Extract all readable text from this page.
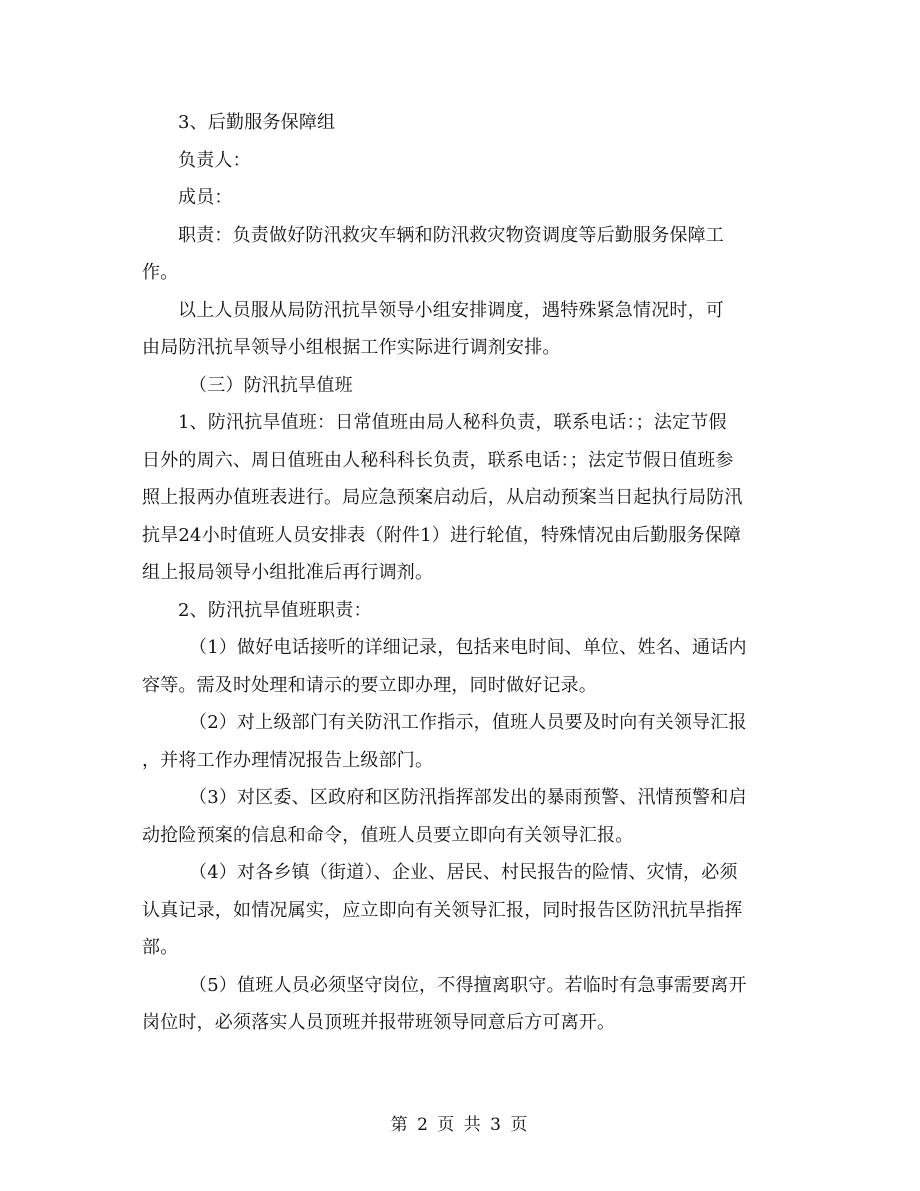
3、后勤服务保障组

负责人：

成员：

职责：负责做好防汛救灾车辆和防汛救灾物资调度等后勤服务保障工

作。

以上人员服从局防汛抗旱领导小组安排调度，遇特殊紧急情况时，可

由局防汛抗旱领导小组根据工作实际进行调剂安排。

（三）防汛抗旱值班

1、防汛抗旱值班：日常值班由局人秘科负责，联系电话：；法定节假

日外的周六、周日值班由人秘科科长负责，联系电话：；法定节假日值班参

照上报两办值班表进行。局应急预案启动后，从启动预案当日起执行局防汛

抗旱24小时值班人员安排表（附件1）进行轮值，特殊情况由后勤服务保障

组上报局领导小组批准后再行调剂。

2、防汛抗旱值班职责：

（1）做好电话接听的详细记录，包括来电时间、单位、姓名、通话内

容等。需及时处理和请示的要立即办理，同时做好记录。

（2）对上级部门有关防汛工作指示，值班人员要及时向有关领导汇报

，并将工作办理情况报告上级部门。

（3）对区委、区政府和区防汛指挥部发出的暴雨预警、汛情预警和启

动抢险预案的信息和命令，值班人员要立即向有关领导汇报。

（4）对各乡镇（街道）、企业、居民、村民报告的险情、灾情，必须

认真记录，如情况属实，应立即向有关领导汇报，同时报告区防汛抗旱指挥

部。

（5）值班人员必须坚守岗位，不得擅离职守。若临时有急事需要离开

岗位时，必须落实人员顶班并报带班领导同意后方可离开。

第 2 页 共 3 页
